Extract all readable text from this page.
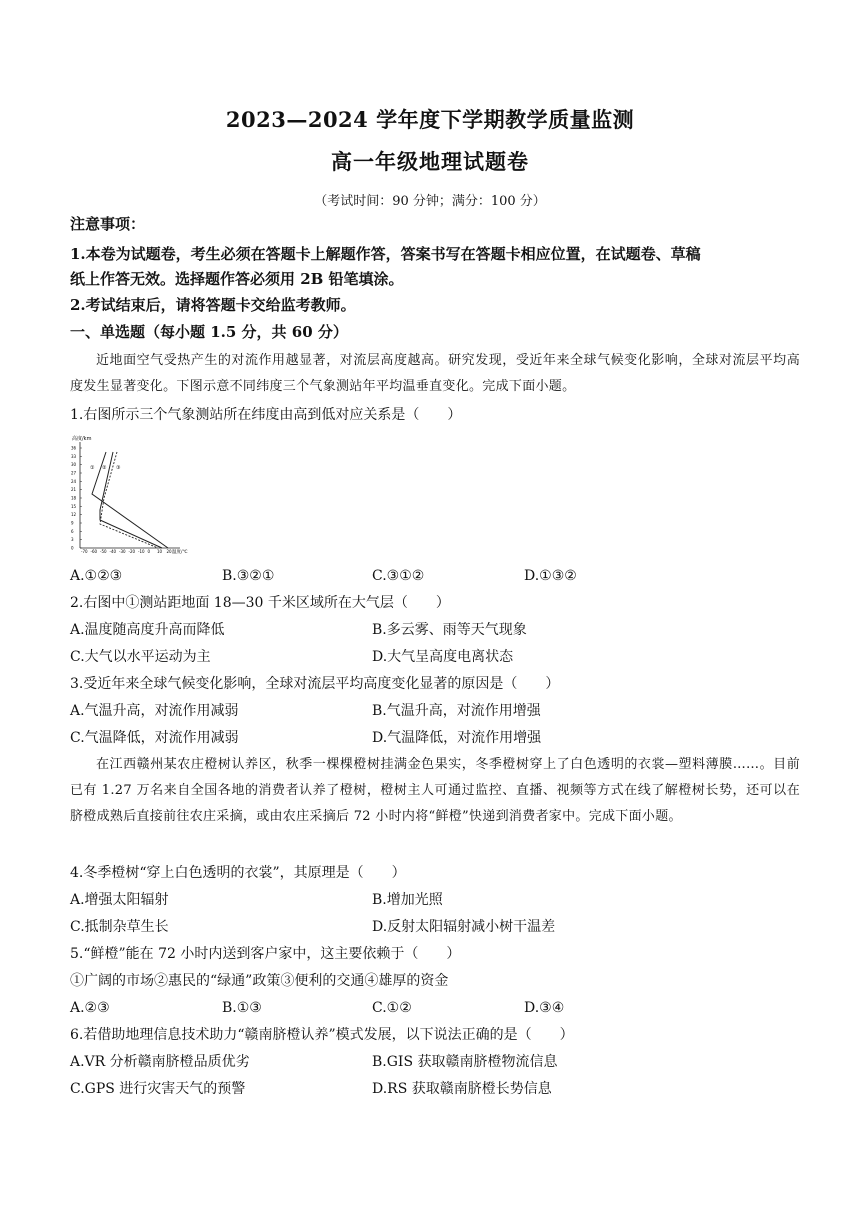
2023—2024 学年度下学期教学质量监测
高一年级地理试题卷
（考试时间：90 分钟；满分：100 分）
注意事项：
1.本卷为试题卷，考生必须在答题卡上解题作答，答案书写在答题卡相应位置，在试题卷、草稿
纸上作答无效。选择题作答必须用 2B 铅笔填涂。
2.考试结束后，请将答题卡交给监考教师。
一、单选题（每小题 1.5 分，共 60 分）
近地面空气受热产生的对流作用越显著，对流层高度越高。研究发现，受近年来全球气候变化影响，全球对流层平均高度发生显著变化。下图示意不同纬度三个气象测站年平均温垂直变化。完成下面小题。
1.右图所示三个气象测站所在纬度由高到低对应关系是（　　）
高度/km
36
33
30
27
24
21
18
15
12
9
6
3
0
-70 -60 -50 -40 -30 -20 -10 0 10 20 温度/℃
① ② ③
A.①②③	B.③②①	C.③①②	D.①③②
2.右图中①测站距地面 18—30 千米区域所在大气层（　　）
A.温度随高度升高而降低	B.多云雾、雨等天气现象
C.大气以水平运动为主	D.大气呈高度电离状态
3.受近年来全球气候变化影响，全球对流层平均高度变化显著的原因是（　　）
A.气温升高，对流作用减弱	B.气温升高，对流作用增强
C.气温降低，对流作用减弱	D.气温降低，对流作用增强
在江西赣州某农庄橙树认养区，秋季一棵棵橙树挂满金色果实，冬季橙树穿上了白色透明的衣裳—塑料薄膜……。目前已有 1.27 万名来自全国各地的消费者认养了橙树，橙树主人可通过监控、直播、视频等方式在线了解橙树长势，还可以在脐橙成熟后直接前往农庄采摘，或由农庄采摘后 72 小时内将“鲜橙”快递到消费者家中。完成下面小题。
4.冬季橙树“穿上白色透明的衣裳”，其原理是（　　）
A.增强太阳辐射	B.增加光照
C.抵制杂草生长	D.反射太阳辐射减小树干温差
5.“鲜橙”能在 72 小时内送到客户家中，这主要依赖于（　　）
①广阔的市场②惠民的“绿通”政策③便利的交通④雄厚的资金
A.②③	B.①③	C.①②	D.③④
6.若借助地理信息技术助力“赣南脐橙认养”模式发展，以下说法正确的是（　　）
A.VR 分析赣南脐橙品质优劣	B.GIS 获取赣南脐橙物流信息
C.GPS 进行灾害天气的预警	D.RS 获取赣南脐橙长势信息
